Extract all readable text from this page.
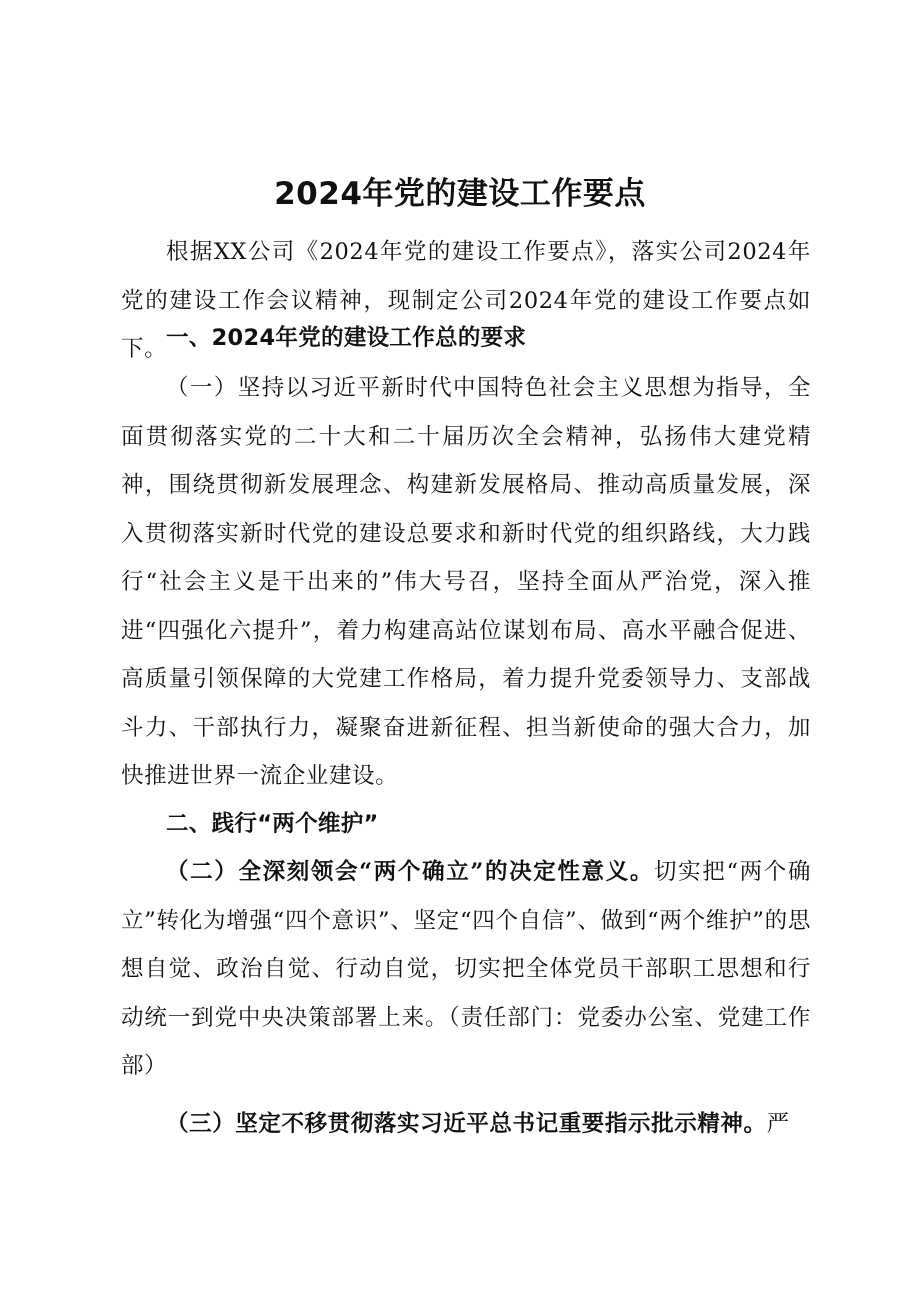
2024年党的建设工作要点
根据XX公司《2024年党的建设工作要点》，落实公司2024年党的建设工作会议精神，现制定公司2024年党的建设工作要点如下。
一、2024年党的建设工作总的要求
（一）坚持以习近平新时代中国特色社会主义思想为指导，全面贯彻落实党的二十大和二十届历次全会精神，弘扬伟大建党精神，围绕贯彻新发展理念、构建新发展格局、推动高质量发展，深入贯彻落实新时代党的建设总要求和新时代党的组织路线，大力践行“社会主义是干出来的”伟大号召，坚持全面从严治党，深入推进“四强化六提升”，着力构建高站位谋划布局、高水平融合促进、高质量引领保障的大党建工作格局，着力提升党委领导力、支部战斗力、干部执行力，凝聚奋进新征程、担当新使命的强大合力，加快推进世界一流企业建设。
二、践行“两个维护”
（二）全深刻领会“两个确立”的决定性意义。切实把“两个确立”转化为增强“四个意识”、坚定“四个自信”、做到“两个维护”的思想自觉、政治自觉、行动自觉，切实把全体党员干部职工思想和行动统一到党中央决策部署上来。（责任部门：党委办公室、党建工作部）
（三）坚定不移贯彻落实习近平总书记重要指示批示精神。严
